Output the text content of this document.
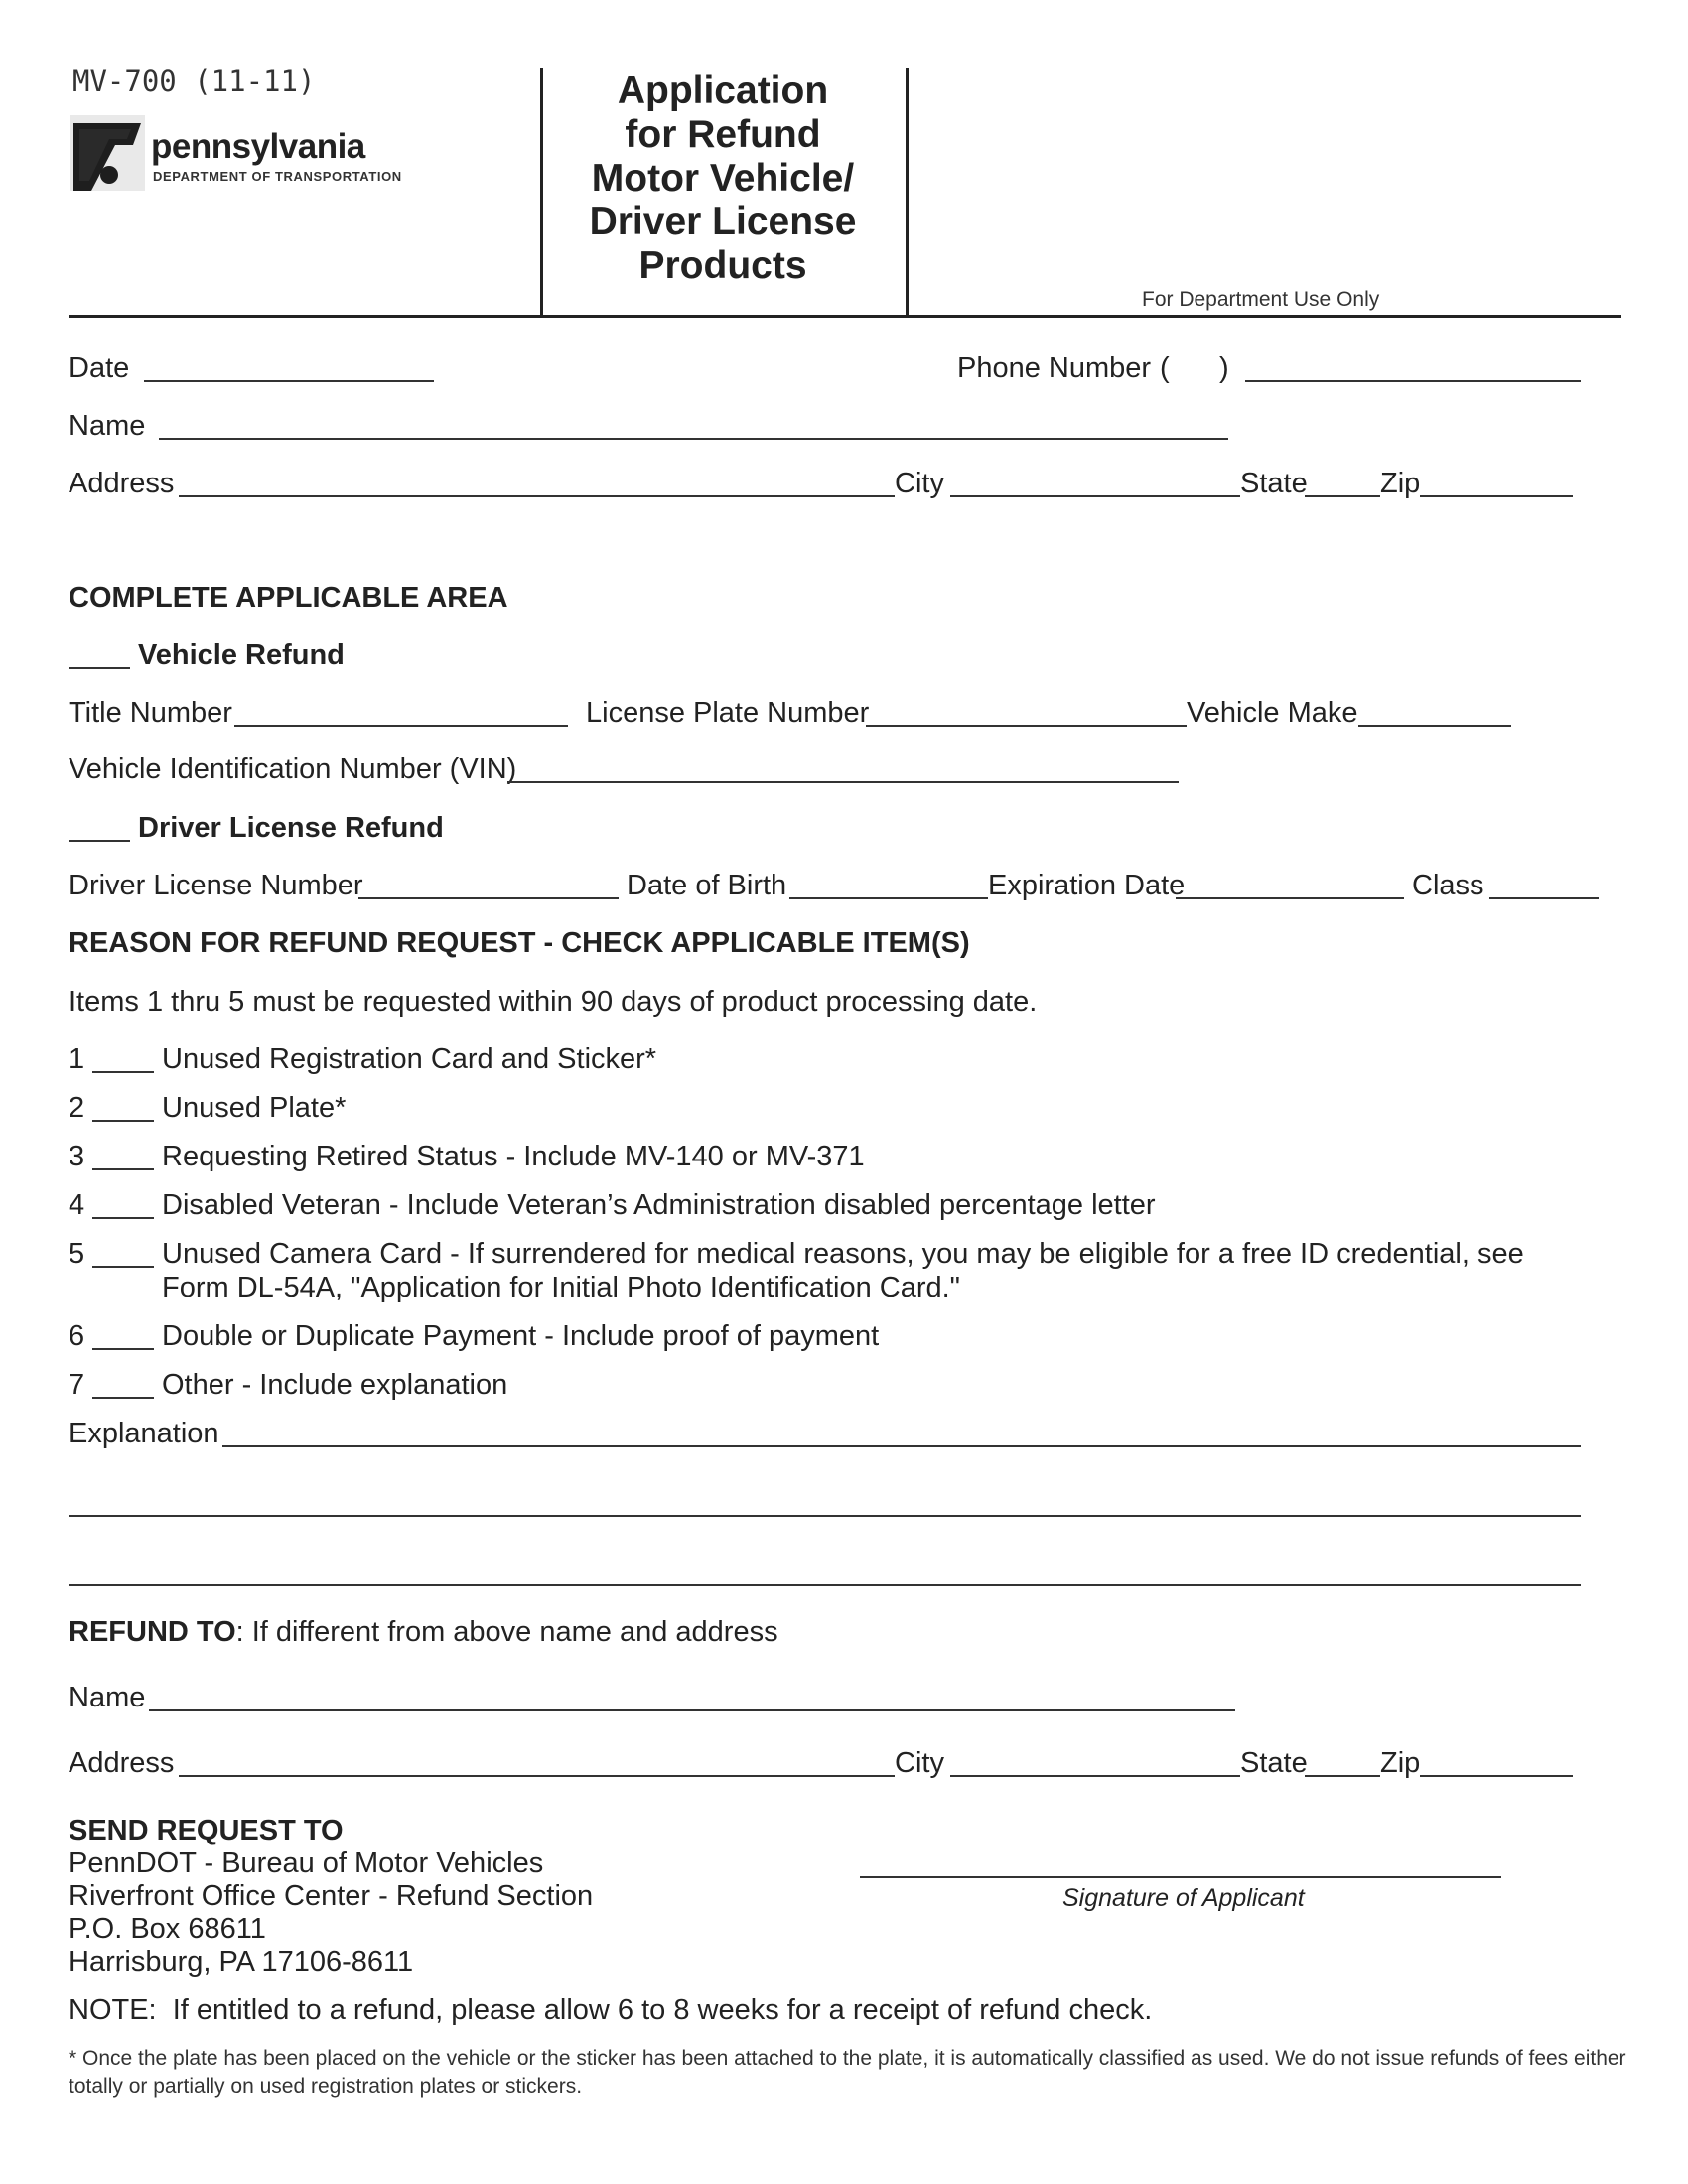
MV-700 (11-11)
pennsylvania
DEPARTMENT OF TRANSPORTATION
Application
for Refund
Motor Vehicle/
Driver License
Products
For Department Use Only
Date	Phone Number ( )
Name
Address	City	State	Zip
COMPLETE APPLICABLE AREA
Vehicle Refund
Title Number	License Plate Number	Vehicle Make
Vehicle Identification Number (VIN)
Driver License Refund
Driver License Number	Date of Birth	Expiration Date	Class
REASON FOR REFUND REQUEST - CHECK APPLICABLE ITEM(S)
Items 1 thru 5 must be requested within 90 days of product processing date.
1	Unused Registration Card and Sticker*
2	Unused Plate*
3	Requesting Retired Status - Include MV-140 or MV-371
4	Disabled Veteran - Include Veteran’s Administration disabled percentage letter
5	Unused Camera Card - If surrendered for medical reasons, you may be eligible for a free ID credential, see Form DL-54A, "Application for Initial Photo Identification Card."
6	Double or Duplicate Payment - Include proof of payment
7	Other - Include explanation
Explanation
REFUND TO: If different from above name and address
Name
Address	City	State	Zip
SEND REQUEST TO
PennDOT - Bureau of Motor Vehicles
Riverfront Office Center - Refund Section
P.O. Box 68611
Harrisburg, PA 17106-8611
Signature of Applicant
NOTE:  If entitled to a refund, please allow 6 to 8 weeks for a receipt of refund check.
* Once the plate has been placed on the vehicle or the sticker has been attached to the plate, it is automatically classified as used. We do not issue refunds of fees either totally or partially on used registration plates or stickers.
